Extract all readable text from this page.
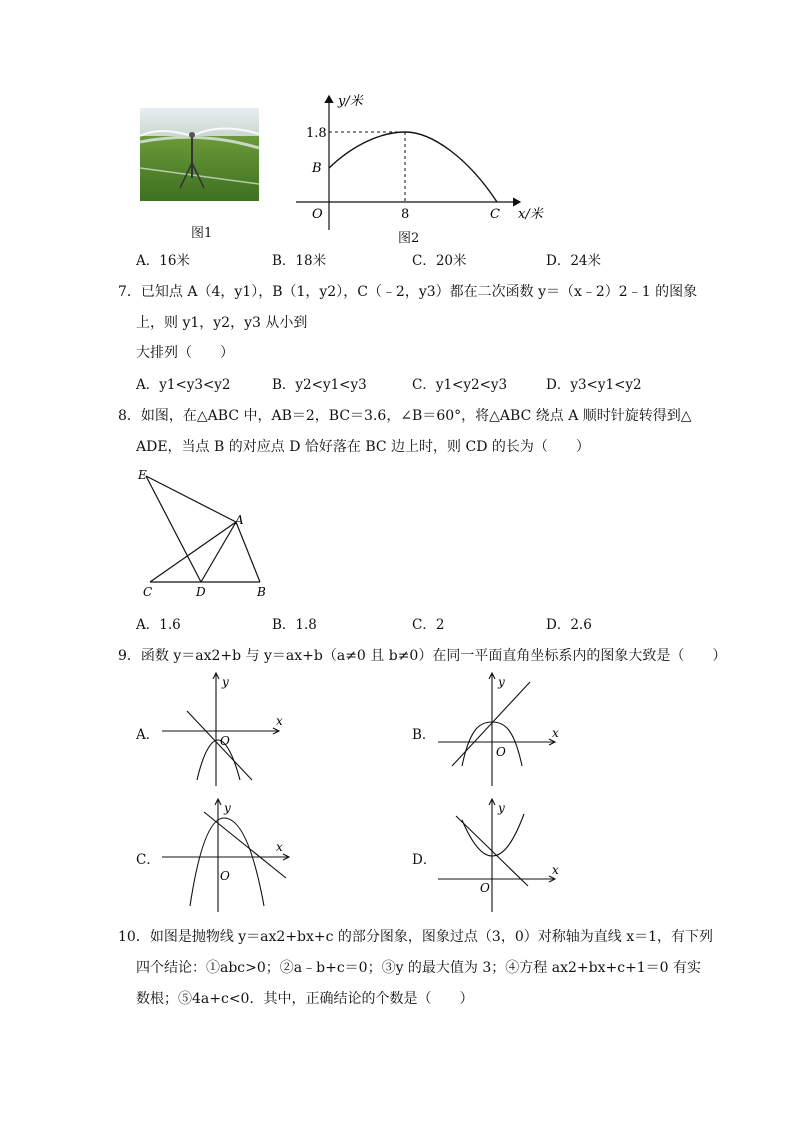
图1
y/米
1.8
B
O	8	C x/米
图2
A．16米	B．18米	C．20米	D．24米
7．已知点 A（4，y1），B（1，y2），C（﹣2，y3）都在二次函数 y＝（x﹣2）2﹣1 的图象
上，则 y1，y2，y3 从小到
大排列（　　）
A．y1<y3<y2	B．y2<y1<y3	C．y1<y2<y3	D．y3<y1<y2
8．如图，在△ABC 中，AB＝2，BC＝3.6，∠B＝60°，将△ABC 绕点 A 顺时针旋转得到△
ADE，当点 B 的对应点 D 恰好落在 BC 边上时，则 CD 的长为（　　）
E
A
C	D	B
A．1.6	B．1.8	C．2	D．2.6
9．函数 y＝ax2+b 与 y＝ax+b（a≠0 且 b≠0）在同一平面直角坐标系内的图象大致是（　　）
A．
y
x
O	B．
y
x
O
C．
y
x
O
D．
y
x
O
10．如图是抛物线 y＝ax2+bx+c 的部分图象，图象过点（3，0）对称轴为直线 x＝1，有下列
四个结论：①abc>0；②a﹣b+c＝0；③y 的最大值为 3；④方程 ax2+bx+c+1＝0 有实
数根；⑤4a+c<0．其中，正确结论的个数是（　　）
